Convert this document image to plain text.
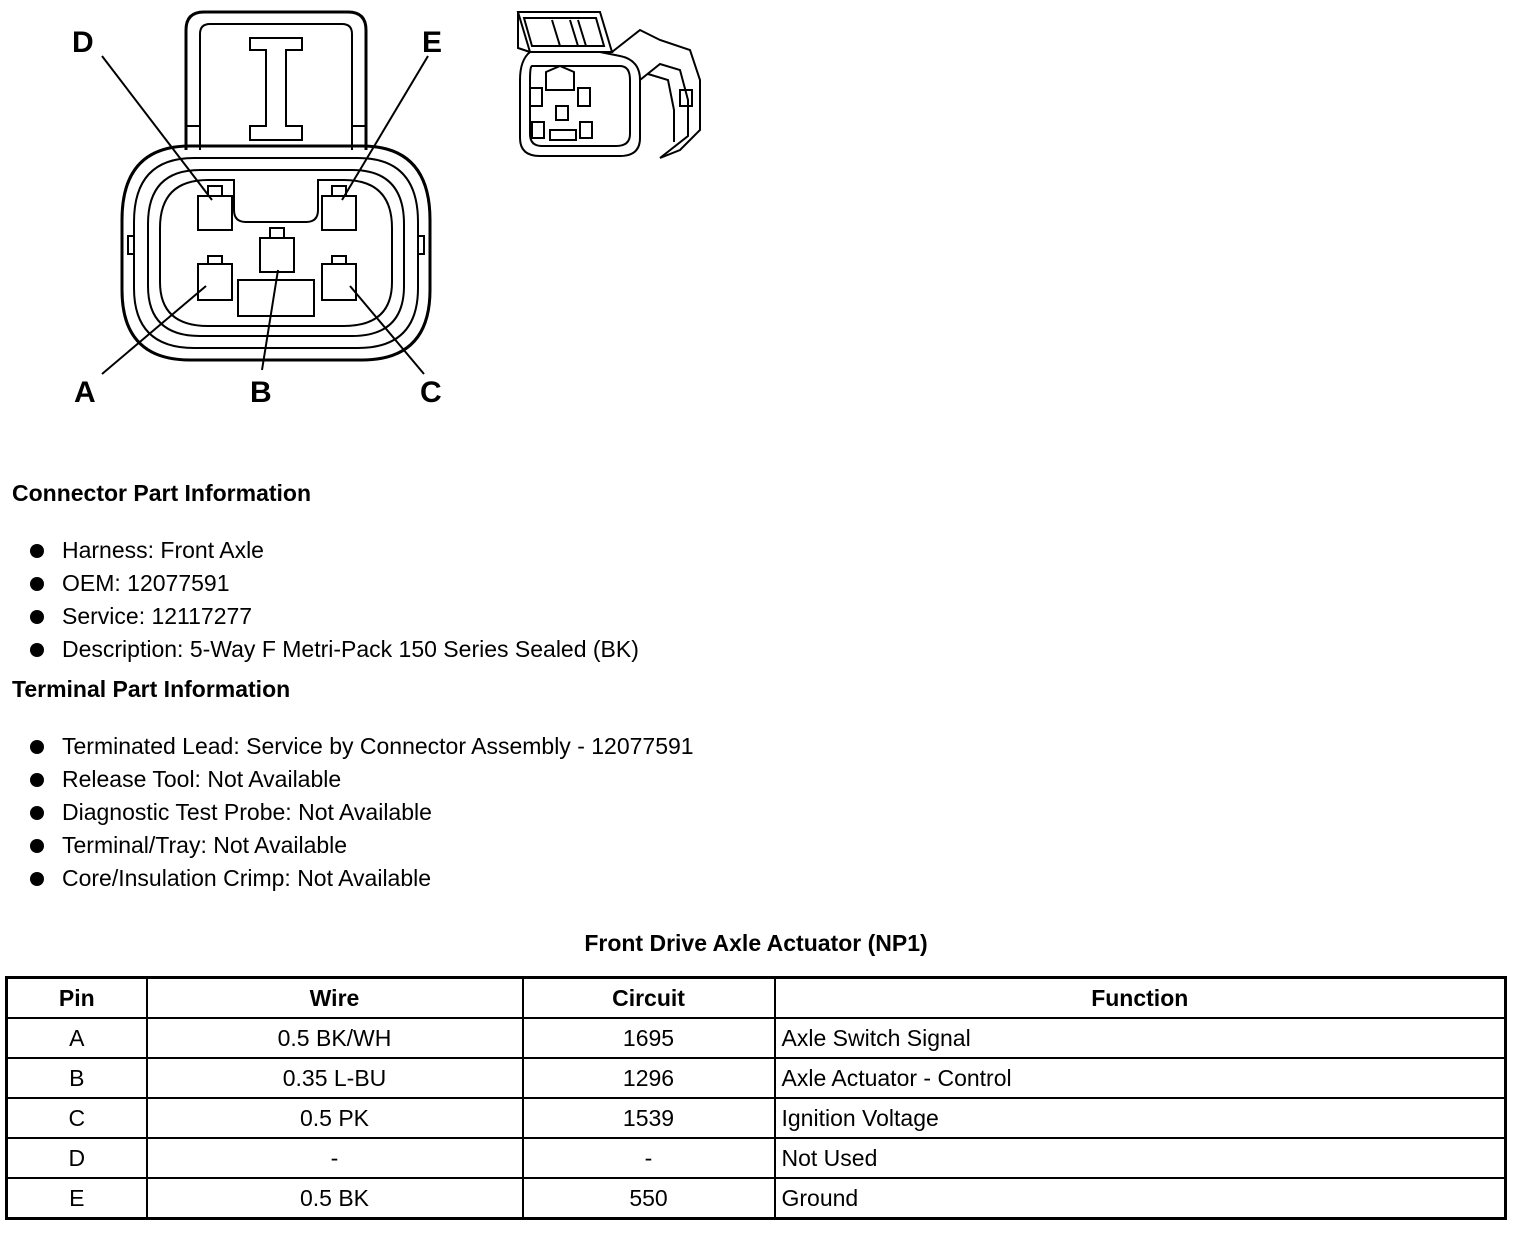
D	E
A	B	C
Connector Part Information
Harness: Front Axle
OEM: 12077591
Service: 12117277
Description: 5-Way F Metri-Pack 150 Series Sealed (BK)
Terminal Part Information
Terminated Lead: Service by Connector Assembly - 12077591
Release Tool: Not Available
Diagnostic Test Probe: Not Available
Terminal/Tray: Not Available
Core/Insulation Crimp: Not Available
Front Drive Axle Actuator (NP1)
Pin	Wire	Circuit	Function
A	0.5 BK/WH	1695	Axle Switch Signal
B	0.35 L-BU	1296	Axle Actuator - Control
C	0.5 PK	1539	Ignition Voltage
D	-	-	Not Used
E	0.5 BK	550	Ground
